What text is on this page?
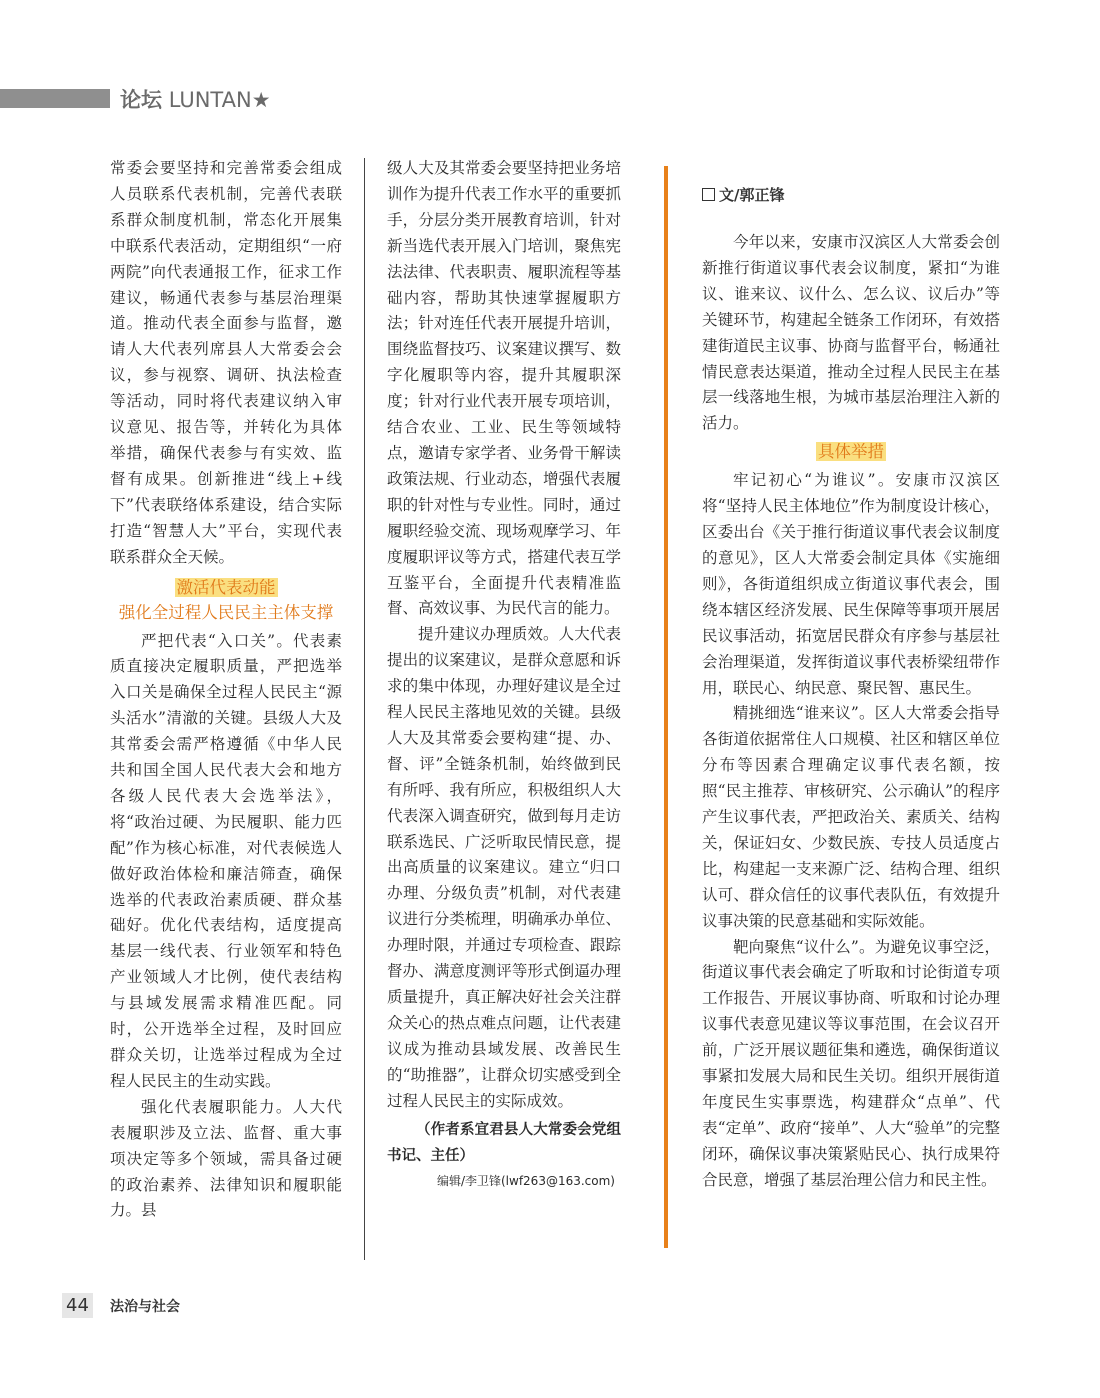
论坛 LUNTAN★

常委会要坚持和完善常委会组成人员联系代表机制，完善代表联系群众制度机制，常态化开展集中联系代表活动，定期组织“一府两院”向代表通报工作，征求工作建议，畅通代表参与基层治理渠道。推动代表全面参与监督，邀请人大代表列席县人大常委会会议，参与视察、调研、执法检查等活动，同时将代表建议纳入审议意见、报告等，并转化为具体举措，确保代表参与有实效、监督有成果。创新推进“线上+线下”代表联络体系建设，结合实际打造“智慧人大”平台，实现代表联系群众全天候。

激活代表动能
强化全过程人民民主主体支撑

严把代表“入口关”。代表素质直接决定履职质量，严把选举入口关是确保全过程人民民主“源头活水”清澈的关键。县级人大及其常委会需严格遵循《中华人民共和国全国人民代表大会和地方各级人民代表大会选举法》，将“政治过硬、为民履职、能力匹配”作为核心标准，对代表候选人做好政治体检和廉洁筛查，确保选举的代表政治素质硬、群众基础好。优化代表结构，适度提高基层一线代表、行业领军和特色产业领域人才比例，使代表结构与县域发展需求精准匹配。同时，公开选举全过程，及时回应群众关切，让选举过程成为全过程人民民主的生动实践。

强化代表履职能力。人大代表履职涉及立法、监督、重大事项决定等多个领域，需具备过硬的政治素养、法律知识和履职能力。县

级人大及其常委会要坚持把业务培训作为提升代表工作水平的重要抓手，分层分类开展教育培训，针对新当选代表开展入门培训，聚焦宪法法律、代表职责、履职流程等基础内容，帮助其快速掌握履职方法；针对连任代表开展提升培训，围绕监督技巧、议案建议撰写、数字化履职等内容，提升其履职深度；针对行业代表开展专项培训，结合农业、工业、民生等领域特点，邀请专家学者、业务骨干解读政策法规、行业动态，增强代表履职的针对性与专业性。同时，通过履职经验交流、现场观摩学习、年度履职评议等方式，搭建代表互学互鉴平台，全面提升代表精准监督、高效议事、为民代言的能力。

提升建议办理质效。人大代表提出的议案建议，是群众意愿和诉求的集中体现，办理好建议是全过程人民民主落地见效的关键。县级人大及其常委会要构建“提、办、督、评”全链条机制，始终做到民有所呼、我有所应，积极组织人大代表深入调查研究，做到每月走访联系选民、广泛听取民情民意，提出高质量的议案建议。建立“归口办理、分级负责”机制，对代表建议进行分类梳理，明确承办单位、办理时限，并通过专项检查、跟踪督办、满意度测评等形式倒逼办理质量提升，真正解决好社会关注群众关心的热点难点问题，让代表建议成为推动县域发展、改善民生的“助推器”，让群众切实感受到全过程人民民主的实际成效。

（作者系宜君县人大常委会党组书记、主任）

编辑/李卫锋(lwf263@163.com)
文/郭正锋

今年以来，安康市汉滨区人大常委会创新推行街道议事代表会议制度，紧扣“为谁议、谁来议、议什么、怎么议、议后办”等关键环节，构建起全链条工作闭环，有效搭建街道民主议事、协商与监督平台，畅通社情民意表达渠道，推动全过程人民民主在基层一线落地生根，为城市基层治理注入新的活力。

具体举措

牢记初心“为谁议”。安康市汉滨区将“坚持人民主体地位”作为制度设计核心，区委出台《关于推行街道议事代表会议制度的意见》，区人大常委会制定具体《实施细则》，各街道组织成立街道议事代表会，围绕本辖区经济发展、民生保障等事项开展居民议事活动，拓宽居民群众有序参与基层社会治理渠道，发挥街道议事代表桥梁纽带作用，联民心、纳民意、聚民智、惠民生。

精挑细选“谁来议”。区人大常委会指导各街道依据常住人口规模、社区和辖区单位分布等因素合理确定议事代表名额，按照“民主推荐、审核研究、公示确认”的程序产生议事代表，严把政治关、素质关、结构关，保证妇女、少数民族、专技人员适度占比，构建起一支来源广泛、结构合理、组织认可、群众信任的议事代表队伍，有效提升议事决策的民意基础和实际效能。

靶向聚焦“议什么”。为避免议事空泛，街道议事代表会确定了听取和讨论街道专项工作报告、开展议事协商、听取和讨论办理议事代表意见建议等议事范围，在会议召开前，广泛开展议题征集和遴选，确保街道议事紧扣发展大局和民生关切。组织开展街道年度民生实事票选，构建群众“点单”、代表“定单”、政府“接单”、人大“验单”的完整闭环，确保议事决策紧贴民心、执行成果符合民意，增强了基层治理公信力和民主性。

44 法治与社会
